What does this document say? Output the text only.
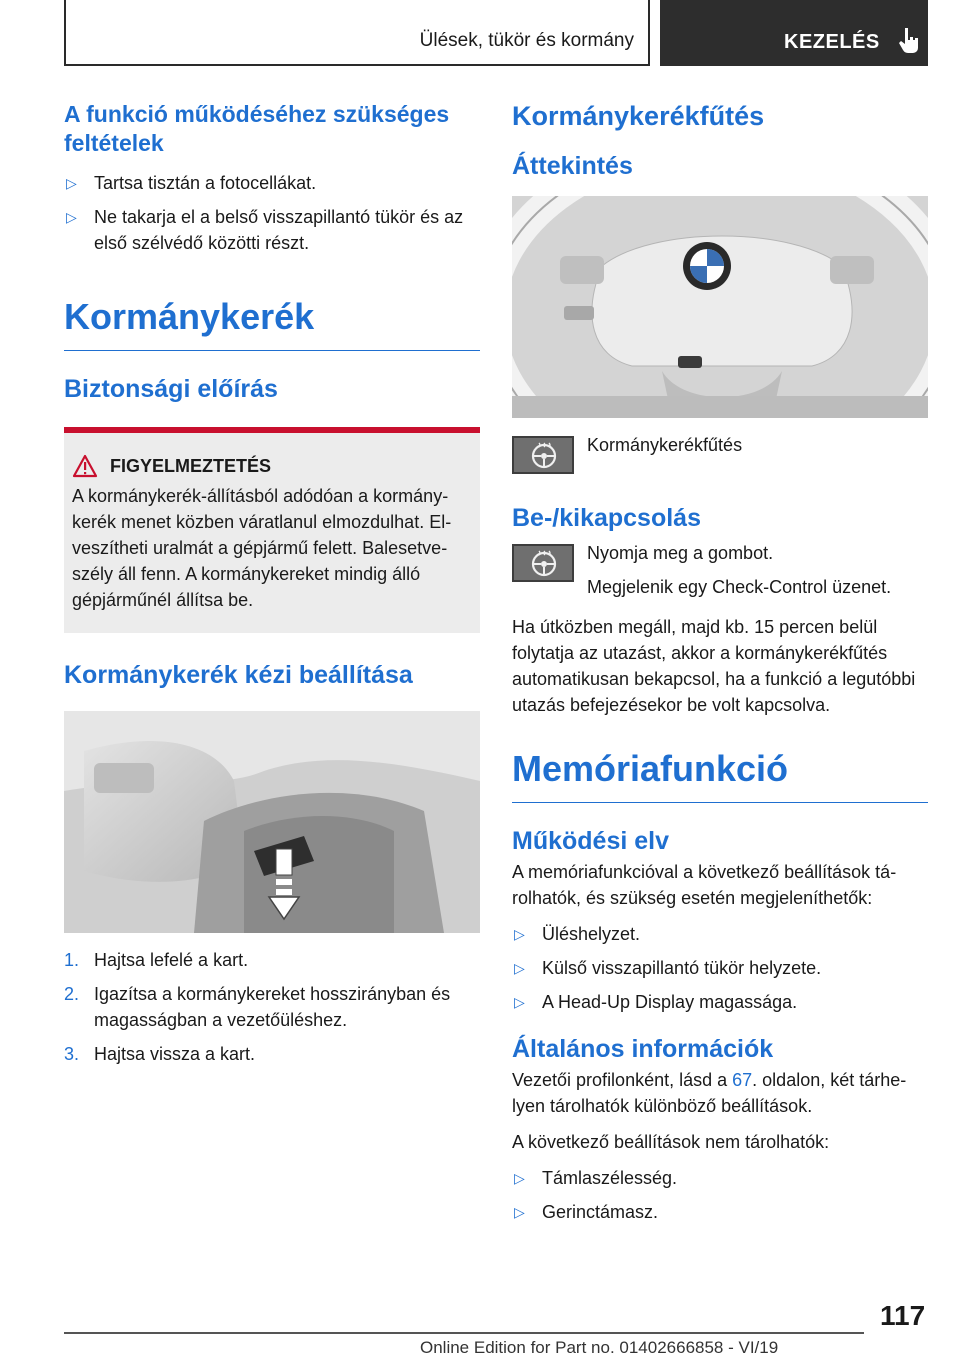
Ülések, tükör és kormány	KEZELÉS
A funkció működéséhez szükséges feltételek
▷ Tartsa tisztán a fotocellákat.
▷ Ne takarja el a belső visszapillantó tükör és az első szélvédő közötti részt.
Kormánykerék
Biztonsági előírás
FIGYELMEZTETÉS

A kormánykerék-állításból adódóan a kormánykerék menet közben váratlanul elmozdulhat. Elveszítheti uralmát a gépjármű felett. Balesetveszély áll fenn. A kormánykereket mindig álló gépjárműnél állítsa be.

Kormánykerék kézi beállítása
1. Hajtsa lefelé a kart.
2. Igazítsa a kormánykereket hosszirányban és magasságban a vezetőüléshez.
3. Hajtsa vissza a kart.
Kormánykerékfűtés
Áttekintés
Kormánykerékfűtés
Be-/kikapcsolás
Nyomja meg a gombot.
Megjelenik egy Check-Control üzenet.

Ha útközben megáll, majd kb. 15 percen belül folytatja az utazást, akkor a kormánykerékfűtés automatikusan bekapcsol, ha a funkció a legutóbbi utazás befejezésekor be volt kapcsolva.

Memóriafunkció
Működési elv

A memóriafunkcióval a következő beállítások tárolhatók, és szükség esetén megjeleníthetők:

▷ Üléshelyzet.
▷ Külső visszapillantó tükör helyzete.
▷ A Head-Up Display magassága.
Általános információk

Vezetői profilonként, lásd a 67. oldalon, két tárhelyen tárolhatók különböző beállítások.

A következő beállítások nem tárolhatók:

▷ Támlaszélesség.
▷ Gerinctámasz.
117
Online Edition for Part no. 01402666858 - VI/19
